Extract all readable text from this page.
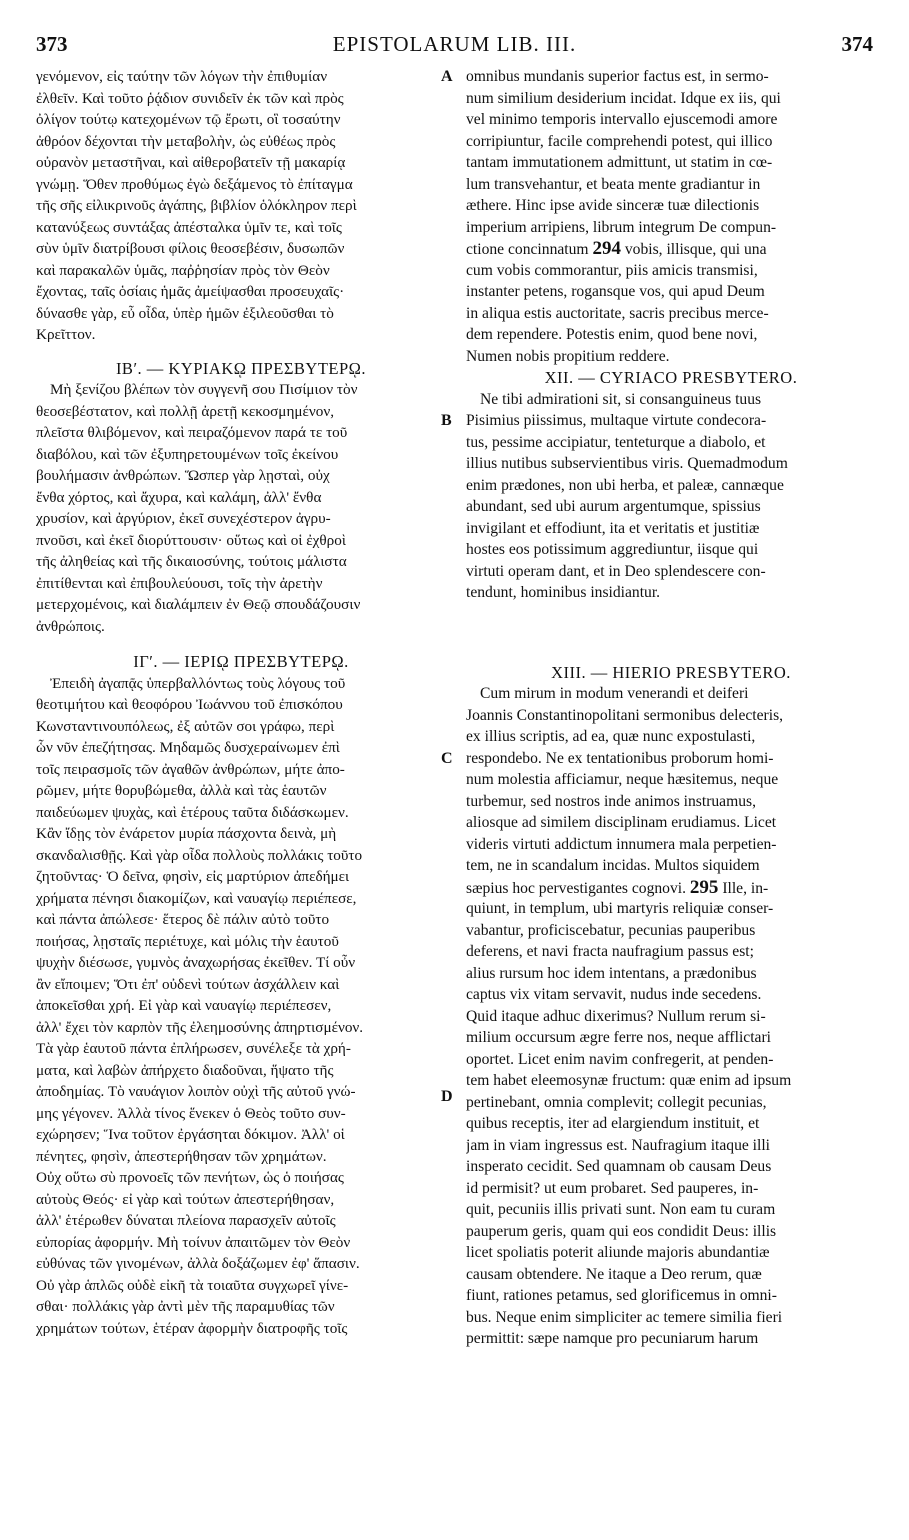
373	EPISTOLARUM LIB. III.	374
A
B
C
D
γενόμενον, εἰς ταύτην τῶν λόγων τὴν ἐπιθυμίαν
ἐλθεῖν. Καὶ τοῦτο ῥᾴδιον συνιδεῖν ἐκ τῶν καὶ πρὸς
ὀλίγον τούτῳ κατεχομένων τῷ ἔρωτι, οἳ τοσαύτην
ἀθρόον δέχονται τὴν μεταβολὴν, ὡς εὐθέως πρὸς
οὐρανὸν μεταστῆναι, καὶ αἰθεροβατεῖν τῇ μακαρίᾳ
γνώμῃ. Ὅθεν προθύμως ἐγὼ δεξάμενος τὸ ἐπίταγμα
τῆς σῆς εἰλικρινοῦς ἀγάπης, βιβλίον ὁλόκληρον περὶ
κατανύξεως συντάξας ἀπέσταλκα ὑμῖν τε, καὶ τοῖς
σὺν ὑμῖν διατρίβουσι φίλοις θεοσεβέσιν, δυσωπῶν
καὶ παρακαλῶν ὑμᾶς, παῤῥησίαν πρὸς τὸν Θεὸν
ἔχοντας, ταῖς ὁσίαις ἡμᾶς ἀμείψασθαι προσευχαῖς·
δύνασθε γὰρ, εὖ οἶδα, ὑπὲρ ἡμῶν ἐξιλεοῦσθαι τὸ
Κρεῖττον.
ΙΒʹ. — ΚΥΡΙΑΚῼ ΠΡΕΣΒΥΤΕΡῼ.
Μὴ ξενίζου βλέπων τὸν συγγενῆ σου Πισίμιον τὸν
θεοσεβέστατον, καὶ πολλῇ ἀρετῇ κεκοσμημένον,
πλεῖστα θλιβόμενον, καὶ πειραζόμενον παρά τε τοῦ
διαβόλου, καὶ τῶν ἐξυπηρετουμένων τοῖς ἐκείνου
βουλήμασιν ἀνθρώπων. Ὥσπερ γὰρ λῃσταὶ, οὐχ
ἔνθα χόρτος, καὶ ἄχυρα, καὶ καλάμη, ἀλλ' ἔνθα
χρυσίον, καὶ ἀργύριον, ἐκεῖ συνεχέστερον ἀγρυ-
πνοῦσι, καὶ ἐκεῖ διορύττουσιν· οὕτως καὶ οἱ ἐχθροὶ
τῆς ἀληθείας καὶ τῆς δικαιοσύνης, τούτοις μάλιστα
ἐπιτίθενται καὶ ἐπιβουλεύουσι, τοῖς τὴν ἀρετὴν
μετερχομένοις, καὶ διαλάμπειν ἐν Θεῷ σπουδάζουσιν
ἀνθρώποις.
ΙΓʹ. — ΙΕΡΙῼ ΠΡΕΣΒΥΤΕΡῼ.
Ἐπειδὴ ἀγαπᾷς ὑπερβαλλόντως τοὺς λόγους τοῦ
θεοτιμήτου καὶ θεοφόρου Ἰωάννου τοῦ ἐπισκόπου
Κωνσταντινουπόλεως, ἐξ αὐτῶν σοι γράφω, περὶ
ὧν νῦν ἐπεζήτησας. Μηδαμῶς δυσχεραίνωμεν ἐπὶ
τοῖς πειρασμοῖς τῶν ἀγαθῶν ἀνθρώπων, μήτε ἀπο-
ρῶμεν, μήτε θορυβώμεθα, ἀλλὰ καὶ τὰς ἑαυτῶν
παιδεύωμεν ψυχὰς, καὶ ἑτέρους ταῦτα διδάσκωμεν.
Κἂν ἴδῃς τὸν ἐνάρετον μυρία πάσχοντα δεινὰ, μὴ
σκανδαλισθῇς. Καὶ γὰρ οἶδα πολλοὺς πολλάκις τοῦτο
ζητοῦντας· Ὁ δεῖνα, φησὶν, εἰς μαρτύριον ἀπεδήμει
χρήματα πένησι διακομίζων, καὶ ναυαγίῳ περιέπεσε,
καὶ πάντα ἀπώλεσε· ἕτερος δὲ πάλιν αὐτὸ τοῦτο
ποιήσας, λῃσταῖς περιέτυχε, καὶ μόλις τὴν ἑαυτοῦ
ψυχὴν διέσωσε, γυμνὸς ἀναχωρήσας ἐκεῖθεν. Τί οὖν
ἂν εἴποιμεν; Ὅτι ἐπ' οὐδενὶ τούτων ἀσχάλλειν καὶ
ἀποκεῖσθαι χρή. Εἰ γὰρ καὶ ναυαγίῳ περιέπεσεν,
ἀλλ' ἔχει τὸν καρπὸν τῆς ἐλεημοσύνης ἀπηρτισμένον.
Τὰ γὰρ ἑαυτοῦ πάντα ἐπλήρωσεν, συνέλεξε τὰ χρή-
ματα, καὶ λαβὼν ἀπήρχετο διαδοῦναι, ἥψατο τῆς
ἀποδημίας. Τὸ ναυάγιον λοιπὸν οὐχὶ τῆς αὐτοῦ γνώ-
μης γέγονεν. Ἀλλὰ τίνος ἕνεκεν ὁ Θεὸς τοῦτο συν-
εχώρησεν; Ἵνα τοῦτον ἐργάσηται δόκιμον. Ἀλλ' οἱ
πένητες, φησὶν, ἀπεστερήθησαν τῶν χρημάτων.
Οὐχ οὕτω σὺ προνοεῖς τῶν πενήτων, ὡς ὁ ποιήσας
αὐτοὺς Θεός· εἰ γὰρ καὶ τούτων ἀπεστερήθησαν,
ἀλλ' ἑτέρωθεν δύναται πλείονα παρασχεῖν αὐτοῖς
εὐπορίας ἀφορμήν. Μὴ τοίνυν ἀπαιτῶμεν τὸν Θεὸν
εὐθύνας τῶν γινομένων, ἀλλὰ δοξάζωμεν ἐφ' ἅπασιν.
Οὐ γὰρ ἁπλῶς οὐδὲ εἰκῆ τὰ τοιαῦτα συγχωρεῖ γίνε-
σθαι· πολλάκις γὰρ ἀντὶ μὲν τῆς παραμυθίας τῶν
χρημάτων τούτων, ἑτέραν ἀφορμὴν διατροφῆς τοῖς
omnibus mundanis superior factus est, in sermo-
num similium desiderium incidat. Idque ex iis, qui
vel minimo temporis intervallo ejuscemodi amore
corripiuntur, facile comprehendi potest, qui illico
tantam immutationem admittunt, ut statim in cœ-
lum transvehantur, et beata mente gradiantur in
æthere. Hinc ipse avide sinceræ tuæ dilectionis
imperium arripiens, librum integrum De compun-
ctione concinnatum 294 vobis, illisque, qui una
cum vobis commorantur, piis amicis transmisi,
instanter petens, rogansque vos, qui apud Deum
in aliqua estis auctoritate, sacris precibus merce-
dem rependere. Potestis enim, quod bene novi,
Numen nobis propitium reddere.
XII. — CYRIACO PRESBYTERO.
Ne tibi admirationi sit, si consanguineus tuus
Pisimius piissimus, multaque virtute condecora-
tus, pessime accipiatur, tenteturque a diabolo, et
illius nutibus subservientibus viris. Quemadmodum
enim prædones, non ubi herba, et paleæ, cannæque
abundant, sed ubi aurum argentumque, spissius
invigilant et effodiunt, ita et veritatis et justitiæ
hostes eos potissimum aggrediuntur, iisque qui
virtuti operam dant, et in Deo splendescere con-
tendunt, hominibus insidiantur.
XIII. — HIERIO PRESBYTERO.
Cum mirum in modum venerandi et deiferi
Joannis Constantinopolitani sermonibus delecteris,
ex illius scriptis, ad ea, quæ nunc expostulasti,
respondebo. Ne ex tentationibus proborum homi-
num molestia afficiamur, neque hæsitemus, neque
turbemur, sed nostros inde animos instruamus,
aliosque ad similem disciplinam erudiamus. Licet
videris virtuti addictum innumera mala perpetien-
tem, ne in scandalum incidas. Multos siquidem
sæpius hoc pervestigantes cognovi. 295 Ille, in-
quiunt, in templum, ubi martyris reliquiæ conser-
vabantur, proficiscebatur, pecunias pauperibus
deferens, et navi fracta naufragium passus est;
alius rursum hoc idem intentans, a prædonibus
captus vix vitam servavit, nudus inde secedens.
Quid itaque adhuc dixerimus? Nullum rerum si-
milium occursum ægre ferre nos, neque afflictari
oportet. Licet enim navim confregerit, at penden-
tem habet eleemosynæ fructum: quæ enim ad ipsum
pertinebant, omnia complevit; collegit pecunias,
quibus receptis, iter ad elargiendum instituit, et
jam in viam ingressus est. Naufragium itaque illi
insperato cecidit. Sed quamnam ob causam Deus
id permisit? ut eum probaret. Sed pauperes, in-
quit, pecuniis illis privati sunt. Non eam tu curam
pauperum geris, quam qui eos condidit Deus: illis
licet spoliatis poterit aliunde majoris abundantiæ
causam obtendere. Ne itaque a Deo rerum, quæ
fiunt, rationes petamus, sed glorificemus in omni-
bus. Neque enim simpliciter ac temere similia fieri
permittit: sæpe namque pro pecuniarum harum
